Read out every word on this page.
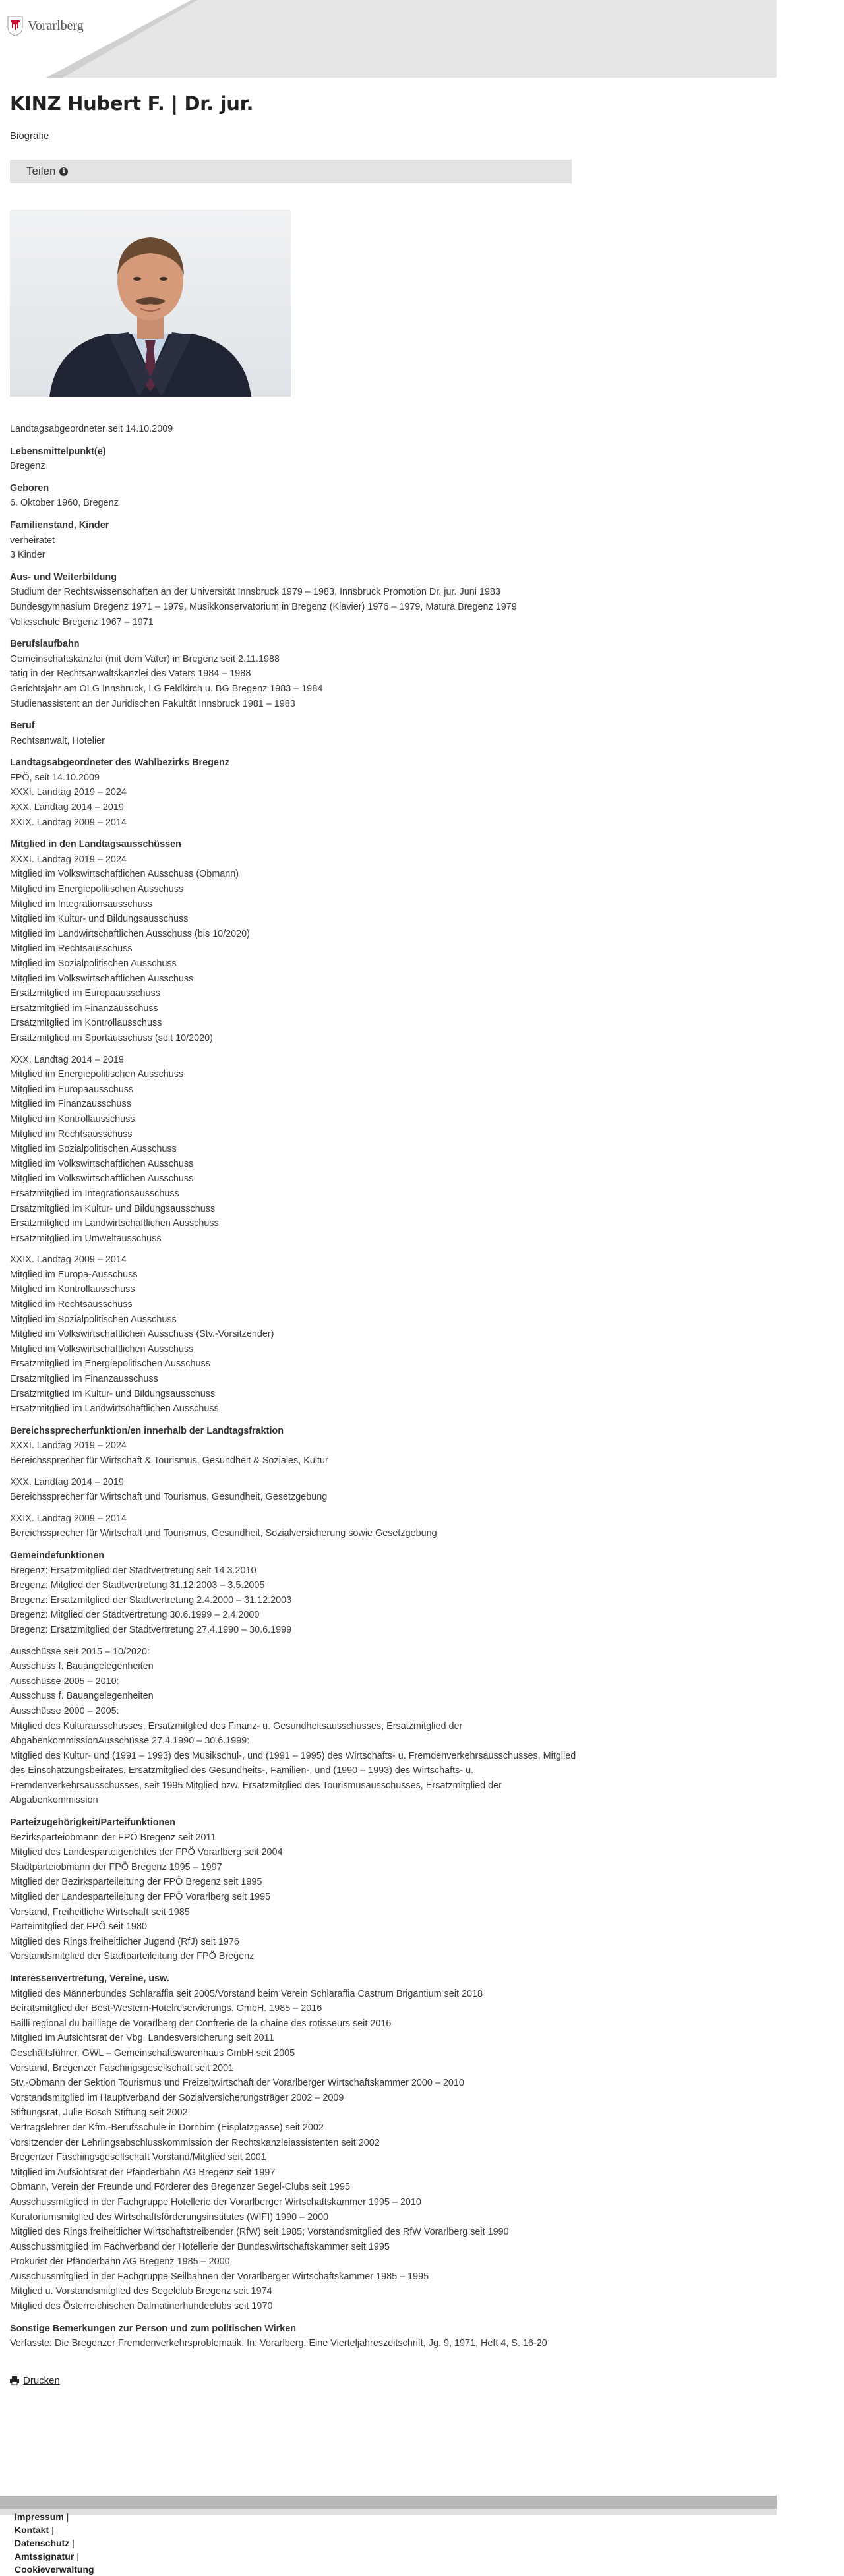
Vorarlberg
KINZ Hubert F. | Dr. jur.
Biografie
Teilen	i

Landtagsabgeordneter seit 14.10.2009

Lebensmittelpunkt(e)

Bregenz

Geboren

6. Oktober 1960, Bregenz

Familienstand, Kinder

verheiratet

3 Kinder

Aus- und Weiterbildung

Studium der Rechtswissenschaften an der Universität Innsbruck 1979 – 1983, Innsbruck Promotion Dr. jur. Juni 1983

Bundesgymnasium Bregenz 1971 – 1979, Musikkonservatorium in Bregenz (Klavier) 1976 – 1979, Matura Bregenz 1979

Volksschule Bregenz 1967 – 1971

Berufslaufbahn

Gemeinschaftskanzlei (mit dem Vater) in Bregenz seit 2.11.1988

tätig in der Rechtsanwaltskanzlei des Vaters 1984 – 1988

Gerichtsjahr am OLG Innsbruck, LG Feldkirch u. BG Bregenz 1983 – 1984

Studienassistent an der Juridischen Fakultät Innsbruck 1981 – 1983

Beruf

Rechtsanwalt, Hotelier

Landtagsabgeordneter des Wahlbezirks Bregenz

FPÖ, seit 14.10.2009

XXXI. Landtag 2019 – 2024

XXX. Landtag 2014 – 2019

XXIX. Landtag 2009 – 2014

Mitglied in den Landtagsausschüssen

XXXI. Landtag 2019 – 2024

Mitglied im Volkswirtschaftlichen Ausschuss (Obmann)

Mitglied im Energiepolitischen Ausschuss

Mitglied im Integrationsausschuss

Mitglied im Kultur- und Bildungsausschuss

Mitglied im Landwirtschaftlichen Ausschuss (bis 10/2020)

Mitglied im Rechtsausschuss

Mitglied im Sozialpolitischen Ausschuss

Mitglied im Volkswirtschaftlichen Ausschuss

Ersatzmitglied im Europaausschuss

Ersatzmitglied im Finanzausschuss

Ersatzmitglied im Kontrollausschuss

Ersatzmitglied im Sportausschuss (seit 10/2020)

XXX. Landtag 2014 – 2019

Mitglied im Energiepolitischen Ausschuss

Mitglied im Europaausschuss

Mitglied im Finanzausschuss

Mitglied im Kontrollausschuss

Mitglied im Rechtsausschuss

Mitglied im Sozialpolitischen Ausschuss

Mitglied im Volkswirtschaftlichen Ausschuss

Mitglied im Volkswirtschaftlichen Ausschuss

Ersatzmitglied im Integrationsausschuss

Ersatzmitglied im Kultur- und Bildungsausschuss

Ersatzmitglied im Landwirtschaftlichen Ausschuss

Ersatzmitglied im Umweltausschuss

XXIX. Landtag 2009 – 2014

Mitglied im Europa-Ausschuss

Mitglied im Kontrollausschuss

Mitglied im Rechtsausschuss

Mitglied im Sozialpolitischen Ausschuss

Mitglied im Volkswirtschaftlichen Ausschuss (Stv.-Vorsitzender)

Mitglied im Volkswirtschaftlichen Ausschuss

Ersatzmitglied im Energiepolitischen Ausschuss

Ersatzmitglied im Finanzausschuss

Ersatzmitglied im Kultur- und Bildungsausschuss

Ersatzmitglied im Landwirtschaftlichen Ausschuss

Bereichssprecherfunktion/en innerhalb der Landtagsfraktion

XXXI. Landtag 2019 – 2024

Bereichssprecher für Wirtschaft & Tourismus, Gesundheit & Soziales, Kultur

XXX. Landtag 2014 – 2019

Bereichssprecher für Wirtschaft und Tourismus, Gesundheit, Gesetzgebung

XXIX. Landtag 2009 – 2014

Bereichssprecher für Wirtschaft und Tourismus, Gesundheit, Sozialversicherung sowie Gesetzgebung

Gemeindefunktionen

Bregenz: Ersatzmitglied der Stadtvertretung seit 14.3.2010

Bregenz: Mitglied der Stadtvertretung 31.12.2003 – 3.5.2005

Bregenz: Ersatzmitglied der Stadtvertretung 2.4.2000 – 31.12.2003

Bregenz: Mitglied der Stadtvertretung 30.6.1999 – 2.4.2000

Bregenz: Ersatzmitglied der Stadtvertretung 27.4.1990 – 30.6.1999

Ausschüsse seit 2015 – 10/2020:

Ausschuss f. Bauangelegenheiten

Ausschüsse 2005 – 2010:

Ausschuss f. Bauangelegenheiten

Ausschüsse 2000 – 2005:

Mitglied des Kulturausschusses, Ersatzmitglied des Finanz- u. Gesundheitsausschusses, Ersatzmitglied der AbgabenkommissionAusschüsse 27.4.1990 – 30.6.1999:

Mitglied des Kultur- und (1991 – 1993) des Musikschul-, und (1991 – 1995) des Wirtschafts- u. Fremdenverkehrsausschusses, Mitglied des Einschätzungsbeirates, Ersatzmitglied des Gesundheits-, Familien-, und (1990 – 1993) des Wirtschafts- u. Fremdenverkehrsausschusses, seit 1995 Mitglied bzw. Ersatzmitglied des Tourismusausschusses, Ersatzmitglied der Abgabenkommission

Parteizugehörigkeit/Parteifunktionen

Bezirksparteiobmann der FPÖ Bregenz seit 2011

Mitglied des Landesparteigerichtes der FPÖ Vorarlberg seit 2004

Stadtparteiobmann der FPÖ Bregenz 1995 – 1997

Mitglied der Bezirksparteileitung der FPÖ Bregenz seit 1995

Mitglied der Landesparteileitung der FPÖ Vorarlberg seit 1995

Vorstand, Freiheitliche Wirtschaft seit 1985

Parteimitglied der FPÖ seit 1980

Mitglied des Rings freiheitlicher Jugend (RfJ) seit 1976

Vorstandsmitglied der Stadtparteileitung der FPÖ Bregenz

Interessenvertretung, Vereine, usw.

Mitglied des Männerbundes Schlaraffia seit 2005/Vorstand beim Verein Schlaraffia Castrum Brigantium seit 2018

Beiratsmitglied der Best-Western-Hotelreservierungs. GmbH. 1985 – 2016

Bailli regional du bailliage de Vorarlberg der Confrerie de la chaine des rotisseurs seit 2016

Mitglied im Aufsichtsrat der Vbg. Landesversicherung seit 2011

Geschäftsführer, GWL – Gemeinschaftswarenhaus GmbH seit 2005

Vorstand, Bregenzer Faschingsgesellschaft seit 2001

Stv.-Obmann der Sektion Tourismus und Freizeitwirtschaft der Vorarlberger Wirtschaftskammer 2000 – 2010

Vorstandsmitglied im Hauptverband der Sozialversicherungsträger 2002 – 2009

Stiftungsrat, Julie Bosch Stiftung seit 2002

Vertragslehrer der Kfm.-Berufsschule in Dornbirn (Eisplatzgasse) seit 2002

Vorsitzender der Lehrlingsabschlusskommission der Rechtskanzleiassistenten seit 2002

Bregenzer Faschingsgesellschaft Vorstand/Mitglied seit 2001

Mitglied im Aufsichtsrat der Pfänderbahn AG Bregenz seit 1997

Obmann, Verein der Freunde und Förderer des Bregenzer Segel-Clubs seit 1995

Ausschussmitglied in der Fachgruppe Hotellerie der Vorarlberger Wirtschaftskammer 1995 – 2010

Kuratoriumsmitglied des Wirtschaftsförderungsinstitutes (WIFI) 1990 – 2000

Mitglied des Rings freiheitlicher Wirtschaftstreibender (RfW) seit 1985; Vorstandsmitglied des RfW Vorarlberg seit 1990

Ausschussmitglied im Fachverband der Hotellerie der Bundeswirtschaftskammer seit 1995

Prokurist der Pfänderbahn AG Bregenz 1985 – 2000

Ausschussmitglied in der Fachgruppe Seilbahnen der Vorarlberger Wirtschaftskammer 1985 – 1995

Mitglied u. Vorstandsmitglied des Segelclub Bregenz seit 1974

Mitglied des Österreichischen Dalmatinerhundeclubs seit 1970

Sonstige Bemerkungen zur Person und zum politischen Wirken

Verfasste: Die Bregenzer Fremdenverkehrsproblematik. In: Vorarlberg. Eine Vierteljahreszeitschrift, Jg. 9, 1971, Heft 4, S. 16-20

Drucken
Impressum |
Kontakt |
Datenschutz |
Amtssignatur |
Cookieverwaltung
